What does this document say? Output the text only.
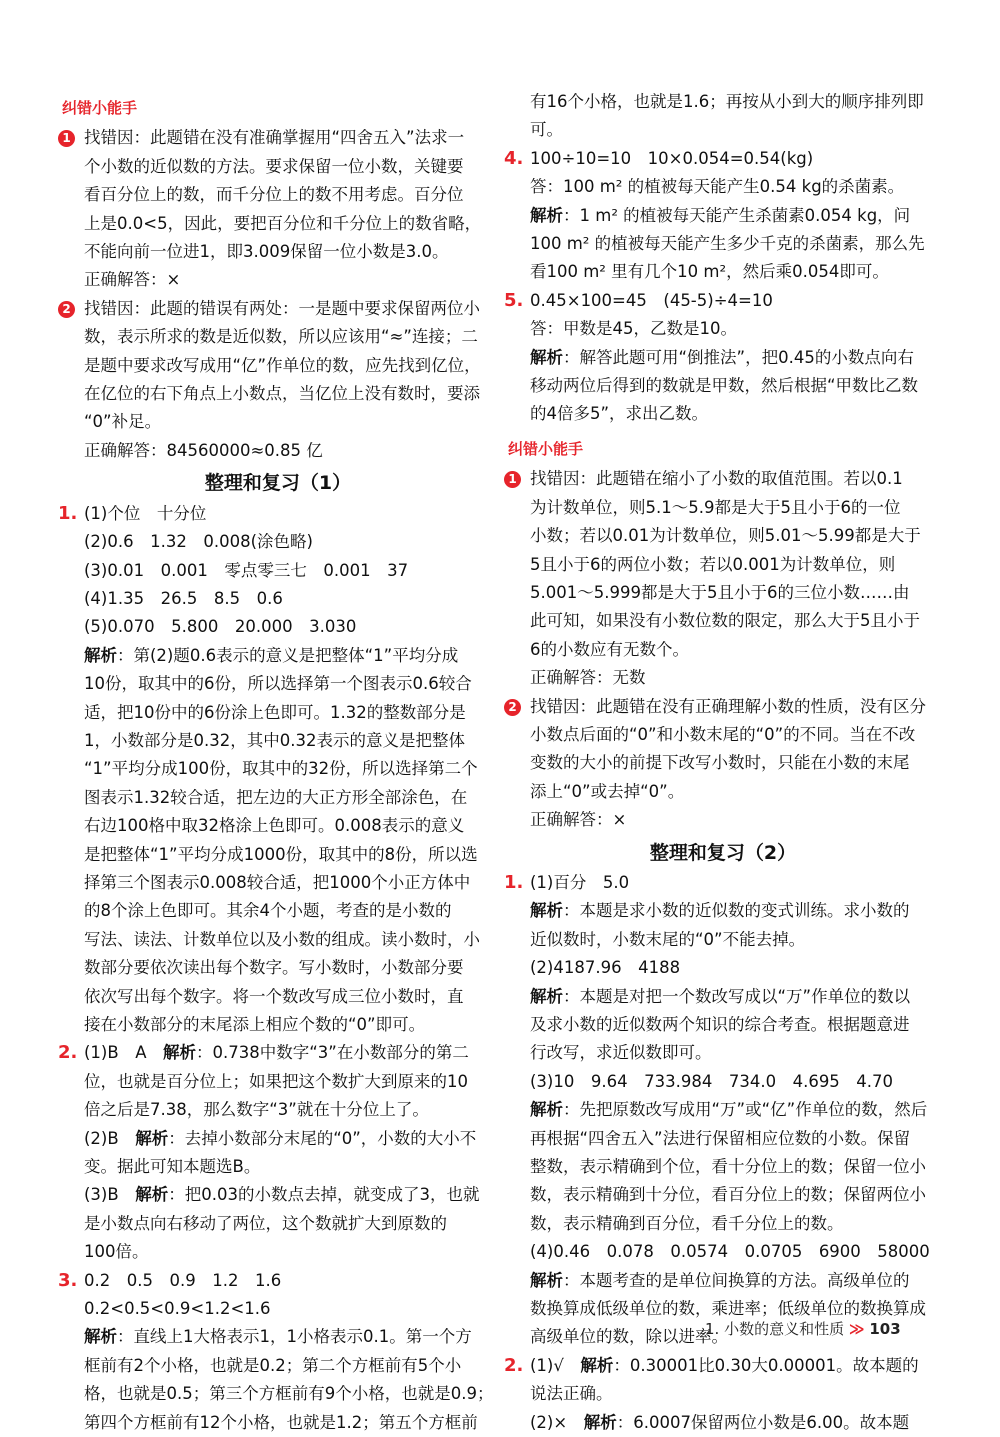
纠错小能手
1 找错因：此题错在没有准确掌握用“四舍五入”法求一
个小数的近似数的方法。要求保留一位小数，关键要
看百分位上的数，而千分位上的数不用考虑。百分位
上是0.0<5，因此，要把百分位和千分位上的数省略，
不能向前一位进1，即3.009保留一位小数是3.0。
正确解答：×
2 找错因：此题的错误有两处：一是题中要求保留两位小
数，表示所求的数是近似数，所以应该用“≈”连接；二
是题中要求改写成用“亿”作单位的数，应先找到亿位，
在亿位的右下角点上小数点，当亿位上没有数时，要添
“0”补足。
正确解答：84560000≈0.85 亿
整理和复习（1）
1. (1)个位　十分位
(2)0.6　1.32　0.008(涂色略)
(3)0.01　0.001　零点零三七　0.001　37
(4)1.35　26.5　8.5　0.6
(5)0.070　5.800　20.000　3.030
解析：第(2)题0.6表示的意义是把整体“1”平均分成
10份，取其中的6份，所以选择第一个图表示0.6较合
适，把10份中的6份涂上色即可。1.32的整数部分是
1，小数部分是0.32，其中0.32表示的意义是把整体
“1”平均分成100份，取其中的32份，所以选择第二个
图表示1.32较合适，把左边的大正方形全部涂色，在
右边100格中取32格涂上色即可。0.008表示的意义
是把整体“1”平均分成1000份，取其中的8份，所以选
择第三个图表示0.008较合适，把1000个小正方体中
的8个涂上色即可。其余4个小题，考查的是小数的
写法、读法、计数单位以及小数的组成。读小数时，小
数部分要依次读出每个数字。写小数时，小数部分要
依次写出每个数字。将一个数改写成三位小数时，直
接在小数部分的末尾添上相应个数的“0”即可。
2. (1)B　A　解析：0.738中数字“3”在小数部分的第二
位，也就是百分位上；如果把这个数扩大到原来的10
倍之后是7.38，那么数字“3”就在十分位上了。
(2)B　解析：去掉小数部分末尾的“0”，小数的大小不
变。据此可知本题选B。
(3)B　解析：把0.03的小数点去掉，就变成了3，也就
是小数点向右移动了两位，这个数就扩大到原数的
100倍。
3. 0.2　0.5　0.9　1.2　1.6
0.2<0.5<0.9<1.2<1.6
解析：直线上1大格表示1，1小格表示0.1。第一个方
框前有2个小格，也就是0.2；第二个方框前有5个小
格，也就是0.5；第三个方框前有9个小格，也就是0.9；
第四个方框前有12个小格，也就是1.2；第五个方框前
有16个小格，也就是1.6；再按从小到大的顺序排列即
可。
4. 100÷10=10　10×0.054=0.54(kg)
答：100 m² 的植被每天能产生0.54 kg的杀菌素。
解析：1 m² 的植被每天能产生杀菌素0.054 kg，问
100 m² 的植被每天能产生多少千克的杀菌素，那么先
看100 m² 里有几个10 m²，然后乘0.054即可。
5. 0.45×100=45　(45-5)÷4=10
答：甲数是45，乙数是10。
解析：解答此题可用“倒推法”，把0.45的小数点向右
移动两位后得到的数就是甲数，然后根据“甲数比乙数
的4倍多5”，求出乙数。
纠错小能手
1 找错因：此题错在缩小了小数的取值范围。若以0.1
为计数单位，则5.1～5.9都是大于5且小于6的一位
小数；若以0.01为计数单位，则5.01～5.99都是大于
5且小于6的两位小数；若以0.001为计数单位，则
5.001～5.999都是大于5且小于6的三位小数……由
此可知，如果没有小数位数的限定，那么大于5且小于
6的小数应有无数个。
正确解答：无数
2 找错因：此题错在没有正确理解小数的性质，没有区分
小数点后面的“0”和小数末尾的“0”的不同。当在不改
变数的大小的前提下改写小数时，只能在小数的末尾
添上“0”或去掉“0”。
正确解答：×
整理和复习（2）
1. (1)百分　5.0
解析：本题是求小数的近似数的变式训练。求小数的
近似数时，小数末尾的“0”不能去掉。
(2)4187.96　4188
解析：本题是对把一个数改写成以“万”作单位的数以
及求小数的近似数两个知识的综合考查。根据题意进
行改写，求近似数即可。
(3)10　9.64　733.984　734.0　4.695　4.70
解析：先把原数改写成用“万”或“亿”作单位的数，然后
再根据“四舍五入”法进行保留相应位数的小数。保留
整数，表示精确到个位，看十分位上的数；保留一位小
数，表示精确到十分位，看百分位上的数；保留两位小
数，表示精确到百分位，看千分位上的数。
(4)0.46　0.078　0.0574　0.0705　6900　58000
解析：本题考查的是单位间换算的方法。高级单位的
数换算成低级单位的数，乘进率；低级单位的数换算成
高级单位的数，除以进率。
2. (1)√　解析：0.30001比0.30大0.00001。故本题的
说法正确。
(2)×　解析：6.0007保留两位小数是6.00。故本题
1. 小数的意义和性质 ≫ 103
